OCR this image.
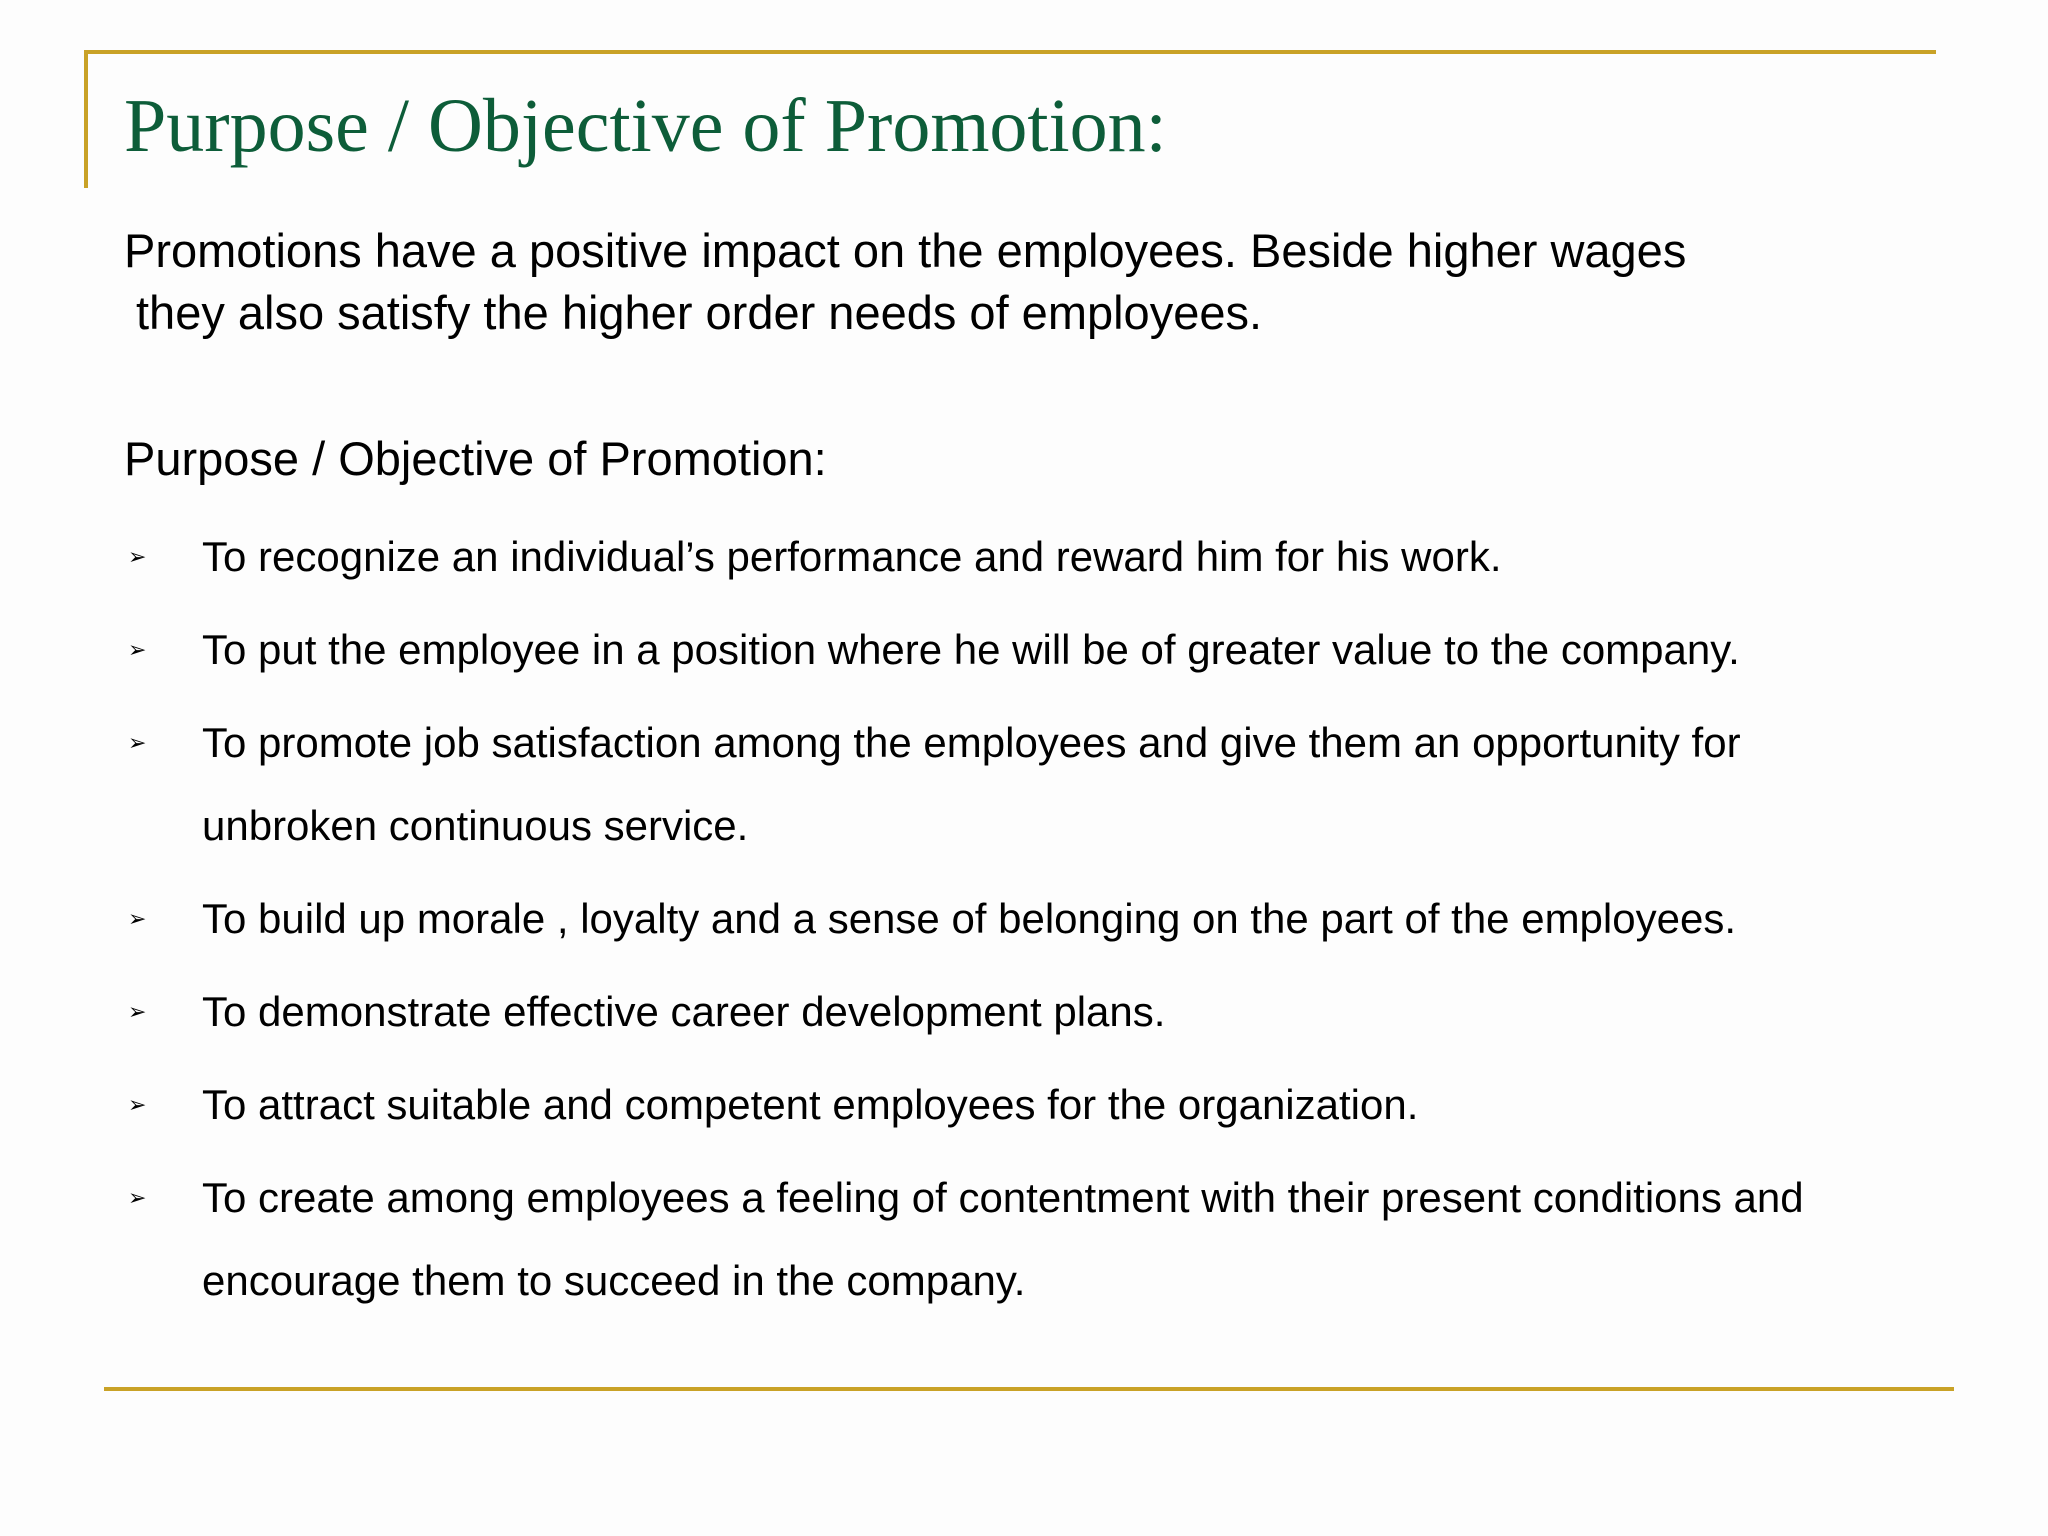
Purpose / Objective of Promotion:

Promotions have a positive impact on the employees. Beside higher wages
they also satisfy the higher order needs of employees.

Purpose / Objective of Promotion:

➢ To recognize an individual’s performance and reward him for his work.
➢ To put the employee in a position where he will be of greater value to the company.
➢ To promote job satisfaction among the employees and give them an opportunity for unbroken continuous service.
➢ To build up morale , loyalty and a sense of belonging on the part of the employees.
➢ To demonstrate effective career development plans.
➢ To attract suitable and competent employees for the organization.
➢ To create among employees a feeling of contentment with their present conditions and encourage them to succeed in the company.
